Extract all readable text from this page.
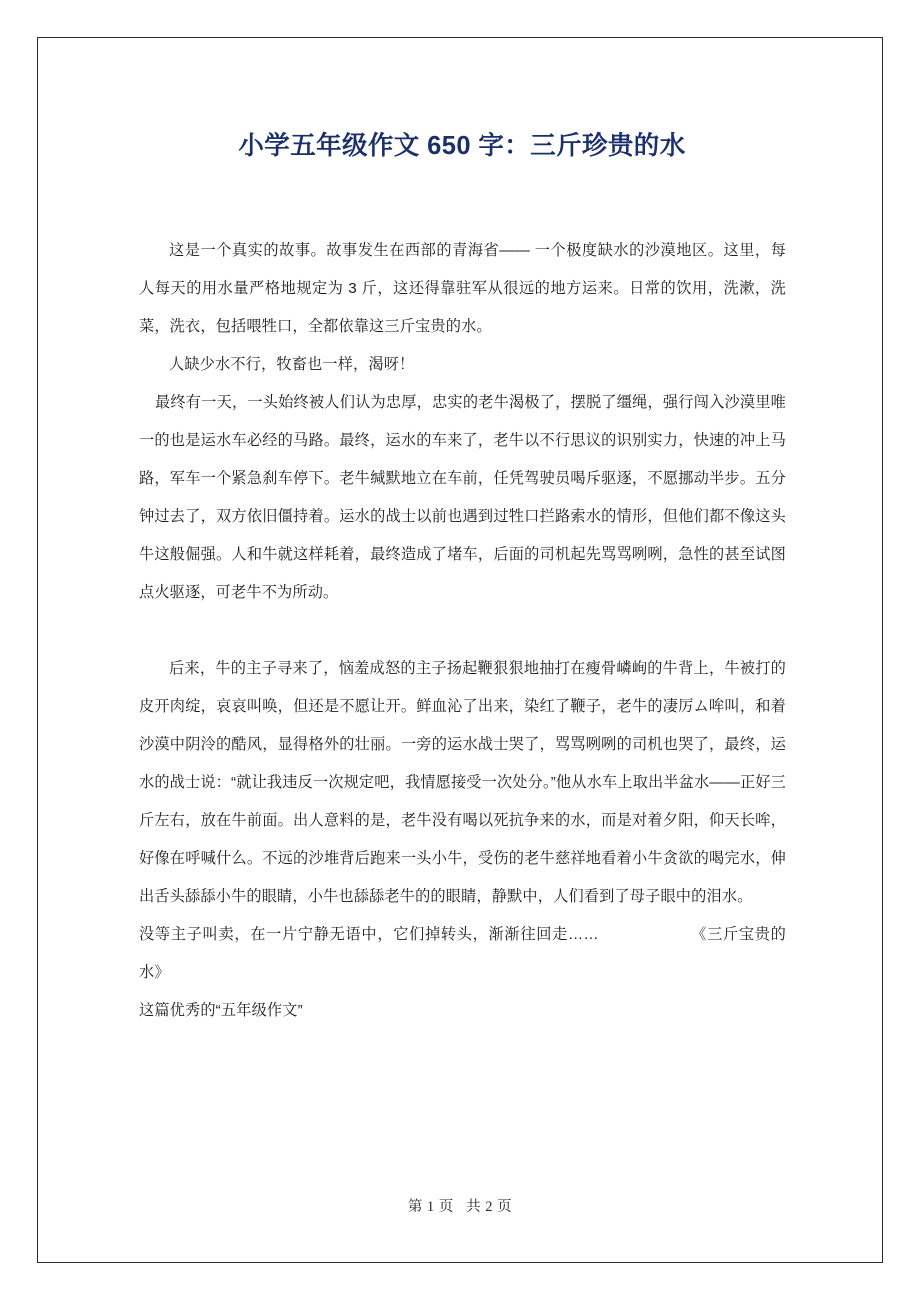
小学五年级作文 650 字：三斤珍贵的水

这是一个真实的故事。故事发生在西部的青海省—— 一个极度缺水的沙漠地区。这里，每人每天的用水量严格地规定为 3 斤，这还得靠驻军从很远的地方运来。日常的饮用，洗漱，洗菜，洗衣，包括喂牲口，全都依靠这三斤宝贵的水。

人缺少水不行，牧畜也一样，渴呀！

最终有一天，一头始终被人们认为忠厚，忠实的老牛渴极了，摆脱了缰绳，强行闯入沙漠里唯一的也是运水车必经的马路。最终，运水的车来了，老牛以不行思议的识别实力，快速的冲上马路，军车一个紧急刹车停下。老牛缄默地立在车前，任凭驾驶员喝斥驱逐，不愿挪动半步。五分钟过去了，双方依旧僵持着。运水的战士以前也遇到过牲口拦路索水的情形，但他们都不像这头牛这般倔强。人和牛就这样耗着，最终造成了堵车，后面的司机起先骂骂咧咧，急性的甚至试图点火驱逐，可老牛不为所动。

后来，牛的主子寻来了，恼羞成怒的主子扬起鞭狠狠地抽打在瘦骨嶙峋的牛背上，牛被打的皮开肉绽，哀哀叫唤，但还是不愿让开。鲜血沁了出来，染红了鞭子，老牛的凄厉ム哞叫，和着沙漠中阴泠的酷风，显得格外的壮丽。一旁的运水战士哭了，骂骂咧咧的司机也哭了，最终，运水的战士说：“就让我违反一次规定吧，我情愿接受一次处分。”他从水车上取出半盆水——正好三斤左右，放在牛前面。出人意料的是，老牛没有喝以死抗争来的水，而是对着夕阳，仰天长哞，好像在呼喊什么。不远的沙堆背后跑来一头小牛，受伤的老牛慈祥地看着小牛贪欲的喝完水，伸出舌头舔舔小牛的眼睛，小牛也舔舔老牛的的眼睛，静默中，人们看到了母子眼中的泪水。

没等主子叫卖，在一片宁静无语中，它们掉转头，渐渐往回走……	《三斤宝贵的水》

这篇优秀的“五年级作文”

第 1 页   共 2 页
